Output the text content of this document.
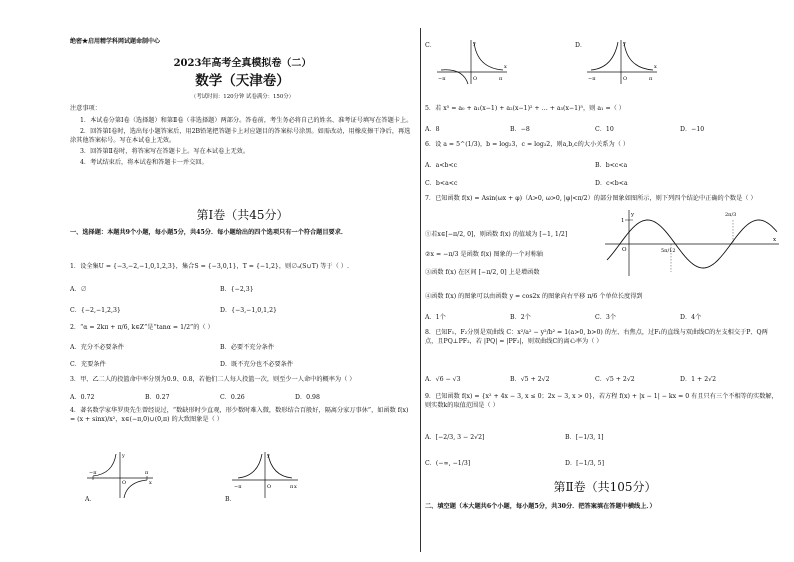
绝密★启用精学科网试题命制中心
2023年高考全真模拟卷（二）
数学（天津卷）
（考试时间：120分钟 试卷满分：150分）

注意事项：

1．本试卷分第Ⅰ卷（选择题）和第Ⅱ卷（非选择题）两部分。答卷前，考生务必将自己的姓名、准考证号填写在答题卡上。

2．回答第Ⅰ卷时，选出每小题答案后，用2B铅笔把答题卡上对应题目的答案标号涂黑。如需改动，用橡皮擦干净后，再选涂其他答案标号。写在本试卷上无效。

3．回答第Ⅱ卷时，将答案写在答题卡上。写在本试卷上无效。

4．考试结束后，将本试卷和答题卡一并交回。

第Ⅰ卷（共45分）
一、选择题：本题共9个小题，每小题5分，共45分．每小题给出的四个选项只有一个符合题目要求．
1．设全集U = {−3,−2,−1,0,1,2,3}，集合S = {−3,0,1}，T = {−1,2}，则∅ᵤ(S∪T) 等于（ ）.
A．∅	B．{−2,3}
C．{−2,−1,2,3}	D．{−3,−1,0,1,2}
2．“α = 2kπ + π/6, k∈Z”是“tanα = 1/2”的（ ）
A．充分不必要条件	B．必要不充分条件
C．充要条件	D．既不充分也不必要条件
3．甲、乙二人的投篮命中率分别为0.9、0.8，若他们二人每人投篮一次，则至少一人命中的概率为（ ）
A．0.72	B．0.27	C．0.26	D．0.98
4．著名数学家华罗庚先生曾经说过，“数缺形时少直观，形少数时难入微，数形结合百般好，隔离分家万事休”，如函数 f(x) = (x + sinx)/x²，x∈(−π,0)∪(0,π) 的大致图象是（ ）
−π	π
O
y
x
A．
−π	π
O
y
x
B．
C．
−π	π
O
y
x
D．
−π	π
O
y
x
5．若 x⁵ = a₀ + a₁(x−1) + a₂(x−1)² + … + a₅(x−1)⁵，则 a₁ =（ ）
A．8	B．−8	C．10	D．−10
6．设 a = 5^(1/3)，b = log₂3，c = log₃2，则a,b,c的大小关系为（ ）
A．a<b<c	B．b<c<a
C．b<a<c	D．c<b<a
7．已知函数 f(x) = Asin(ωx + φ)（A>0, ω>0, |φ|<π/2）的部分图象如图所示，则下列四个结论中正确的个数是（ ）
①若x∈[−π/2, 0]，则函数 f(x) 的值域为 [−1, 1/2]
②x = −π/3 是函数 f(x) 图象的一个对称轴
③函数 f(x) 在区间 [−π/2, 0] 上是增函数
④函数 f(x) 的图象可以由函数 y = cos2x 的图象向右平移 π/6 个单位长度得到
y
x
O
1
5π/12
2π/3
A．1个	B．2个	C．3个	D．4个
8．已知F₁，F₂分别是双曲线 C：x²/a² − y²/b² = 1(a>0, b>0) 的左、右焦点，过F₁的直线与双曲线C的左支相交于P、Q两点，且PQ⊥PF₂，若 |PQ| = |PF₂|，则双曲线C的离心率为（ ）
A．√6 − √3	B．√5 + 2√2	C．√5 + 2√2	D．1 + 2√2
9．已知函数 f(x) = {x² + 4x − 3, x ≤ 0；2x − 3, x > 0}，若方程 f(x) + |x − 1| − kx = 0 有且只有三个不相等的实数解，则实数k的取值范围是（ ）
A．[−2/3, 3 − 2√2]	B．[−1/3, 1]
C．(−∞, −1/3]	D．[−1/3, 5]
第Ⅱ卷（共105分）
二、填空题（本大题共6个小题，每小题5分，共30分．把答案填在答题中横线上．）
